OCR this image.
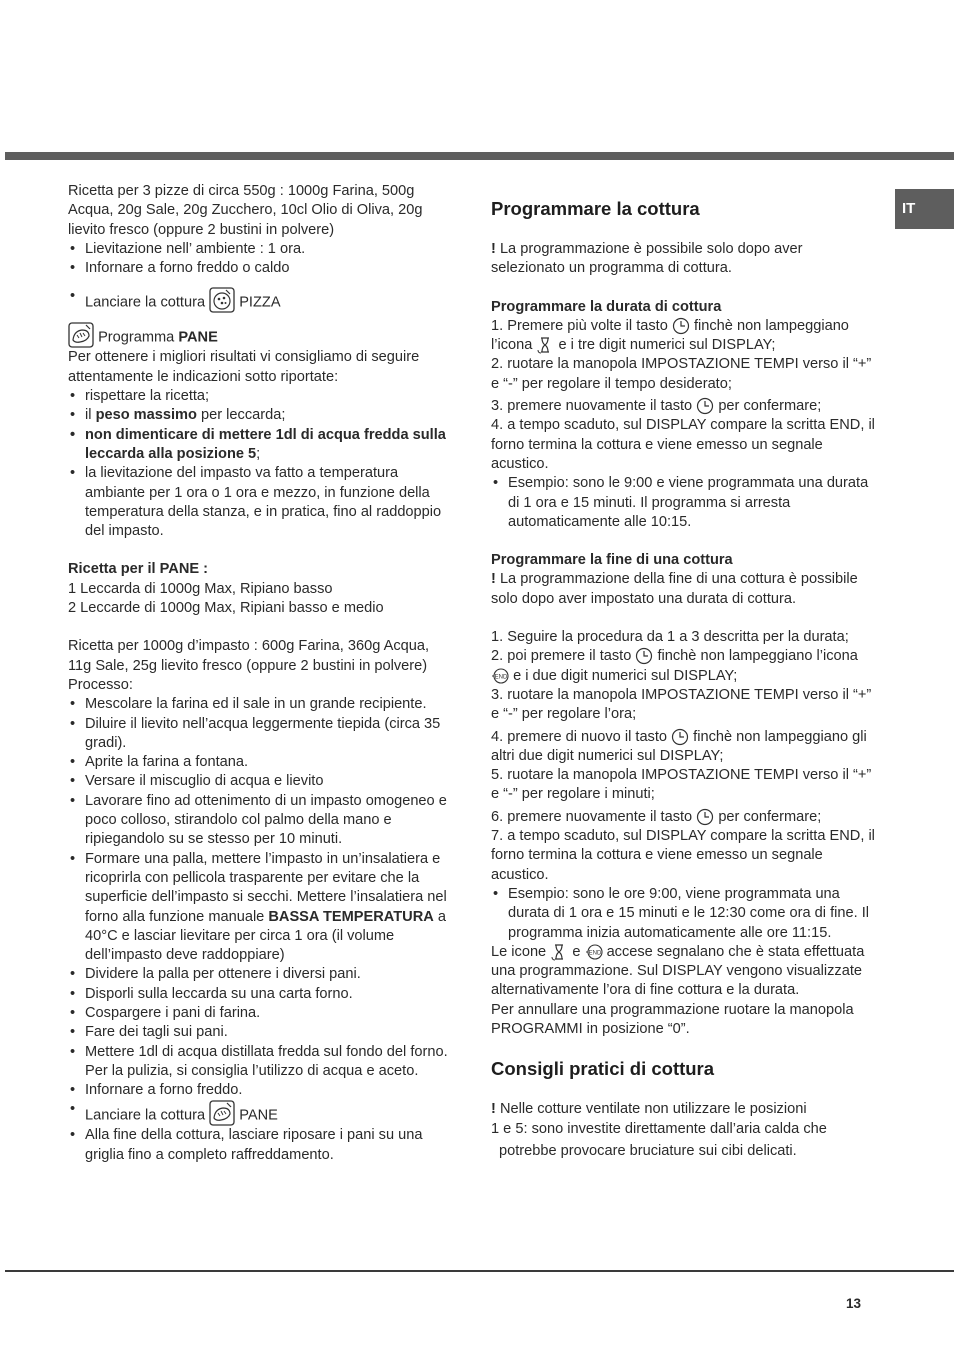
IT

Ricetta per 3 pizze di circa 550g : 1000g Farina, 500g Acqua, 20g Sale, 20g Zucchero, 10cl Olio di Oliva, 20g lievito fresco (oppure 2 bustini in polvere)

• Lievitazione nell’ ambiente : 1 ora.
• Infornare a forno freddo o caldo
• Lanciare la cottura PIZZA

Programma PANE

Per ottenere i migliori risultati vi consigliamo di seguire attentamente le indicazioni sotto riportate:

• rispettare la ricetta;
• il peso massimo per leccarda;
• non dimenticare di mettere 1dl di acqua fredda sulla leccarda alla posizione 5;
• la lievitazione del impasto va fatto a temperatura ambiante per 1 ora o 1 ora e mezzo, in funzione della temperatura della stanza, e in pratica, fino al raddoppio del impasto.

Ricetta per il PANE :

1 Leccarda di 1000g Max, Ripiano basso

2 Leccarde di 1000g Max, Ripiani basso e medio

Ricetta per 1000g d’impasto : 600g Farina, 360g Acqua, 11g Sale, 25g lievito fresco (oppure 2 bustini in polvere)

Processo:

• Mescolare la farina ed il sale in un grande recipiente.
• Diluire il lievito nell’acqua leggermente tiepida (circa 35 gradi).
• Aprite la farina a fontana.
• Versare il miscuglio di acqua e lievito
• Lavorare fino ad ottenimento di un impasto omogeneo e poco colloso, stirandolo col palmo della mano e ripiegandolo su se stesso per 10 minuti.
• Formare una palla, mettere l’impasto in un’insalatiera e ricoprirla con pellicola trasparente per evitare che la superficie dell’impasto si secchi. Mettere l’insalatiera nel forno alla funzione manuale BASSA TEMPERATURA a 40°C e lasciar lievitare per circa 1 ora (il volume dell’impasto deve raddoppiare)
• Dividere la palla per ottenere i diversi pani.
• Disporli sulla leccarda su una carta forno.
• Cospargere i pani di farina.
• Fare dei tagli sui pani.
• Mettere 1dl di acqua distillata fredda sul fondo del forno. Per la pulizia, si consiglia l’utilizzo di acqua e aceto.
• Infornare a forno freddo.
• Lanciare la cottura PANE
• Alla fine della cottura, lasciare riposare i pani su una griglia fino a completo raffreddamento.
Programmare la cottura

! La programmazione è possibile solo dopo aver selezionato un programma di cottura.

Programmare la durata di cottura

1. Premere più volte il tasto finchè non lampeggiano l’icona e i tre digit numerici sul DISPLAY;

2. ruotare la manopola IMPOSTAZIONE TEMPI verso il “+” e “-” per regolare il tempo desiderato;

3. premere nuovamente il tasto per confermare;

4. a tempo scaduto, sul DISPLAY compare la scritta END, il forno termina la cottura e viene emesso un segnale acustico.

• Esempio: sono le 9:00 e viene programmata una durata di 1 ora e 15 minuti. Il programma si arresta automaticamente alle 10:15.

Programmare la fine di una cottura

! La programmazione della fine di una cottura è possibile solo dopo aver impostato una durata di cottura.

1. Seguire la procedura da 1 a 3 descritta per la durata;

2. poi premere il tasto finchè non lampeggiano l’icona
END e i due digit numerici sul DISPLAY;

3. ruotare la manopola IMPOSTAZIONE TEMPI verso il “+” e “-” per regolare l’ora;

4. premere di nuovo il tasto finchè non lampeggiano gli altri due digit numerici sul DISPLAY;

5. ruotare la manopola IMPOSTAZIONE TEMPI verso il “+” e “-” per regolare i minuti;

6. premere nuovamente il tasto per confermare;

7. a tempo scaduto, sul DISPLAY compare la scritta END, il forno termina la cottura e viene emesso un segnale acustico.

• Esempio: sono le ore 9:00, viene programmata una durata di 1 ora e 15 minuti e le 12:30 come ora di fine. Il programma inizia automaticamente alle ore 11:15.

Le icone e END accese segnalano che è stata effettuata una programmazione. Sul DISPLAY vengono visualizzate alternativamente l’ora di fine cottura e la durata.

Per annullare una programmazione ruotare la manopola PROGRAMMI in posizione “0”.

Consigli pratici di cottura

! Nelle cotture ventilate non utilizzare le posizioni

1 e 5: sono investite direttamente dall’aria calda che

potrebbe provocare bruciature sui cibi delicati.

13
